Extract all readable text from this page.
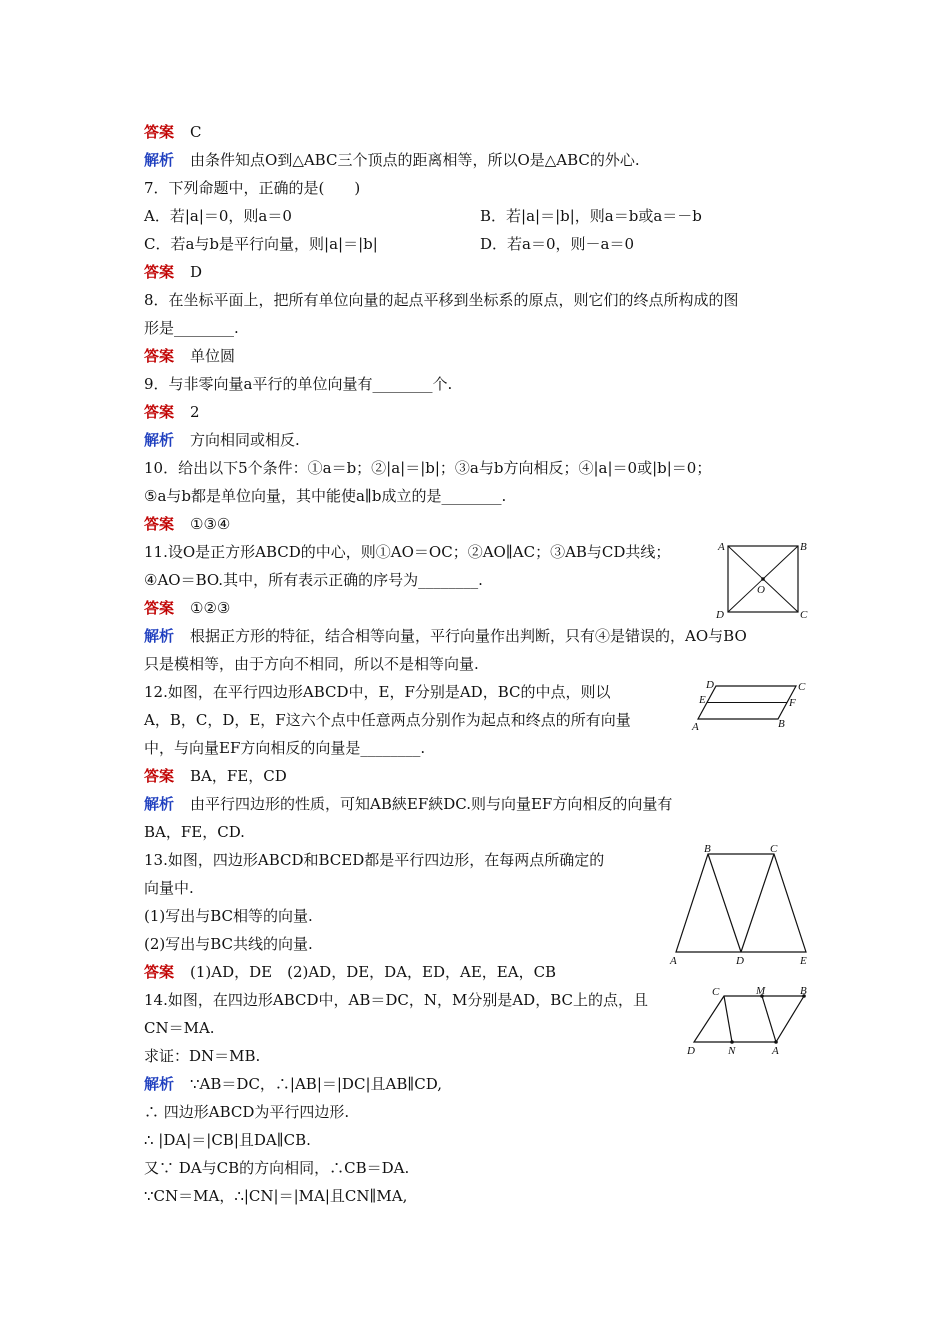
答案 C
解析 由条件知点O到△ABC三个顶点的距离相等，所以O是△ABC的外心.
7．下列命题中，正确的是(　　)
A．若|a|＝0，则a＝0	B．若|a|＝|b|，则a＝b或a＝－b
C．若a与b是平行向量，则|a|＝|b|	D．若a＝0，则－a＝0
答案 D
8．在坐标平面上，把所有单位向量的起点平移到坐标系的原点，则它们的终点所构成的图
形是________.
答案 单位圆
9．与非零向量a平行的单位向量有________个.
答案 2
解析 方向相同或相反.
10．给出以下5个条件：①a＝b；②|a|＝|b|；③a与b方向相反；④|a|＝0或|b|＝0；
⑤a与b都是单位向量，其中能使a∥b成立的是________.
答案 ①③④
11.设O是正方形ABCD的中心，则①AO＝OC；②AO∥AC；③AB与CD共线；
④AO＝BO.其中，所有表示正确的序号为________.
答案 ①②③
解析 根据正方形的特征，结合相等向量，平行向量作出判断，只有④是错误的，AO与BO
只是模相等，由于方向不相同，所以不是相等向量.
12.如图，在平行四边形ABCD中，E，F分别是AD，BC的中点，则以
A，B，C，D，E，F这六个点中任意两点分别作为起点和终点的所有向量
中，与向量EF方向相反的向量是________.
答案 BA，FE，CD
解析 由平行四边形的性质，可知AB綊EF綊DC.则与向量EF方向相反的向量有
BA，FE，CD.
13.如图，四边形ABCD和BCED都是平行四边形，在每两点所确定的
向量中.
(1)写出与BC相等的向量.
(2)写出与BC共线的向量.
答案 (1)AD，DE　(2)AD，DE，DA，ED，AE，EA，CB
14.如图，在四边形ABCD中，AB＝DC，N，M分别是AD，BC上的点，且
CN＝MA.
求证：DN＝MB.
解析 ∵AB＝DC，∴|AB|＝|DC|且AB∥CD,
∴ 四边形ABCD为平行四边形.
∴ |DA|＝|CB|且DA∥CB.
又∵ DA与CB的方向相同，∴CB＝DA.
∵CN＝MA，∴|CN|＝|MA|且CN∥MA,
A	B
C
D
O
D	C
E	F
A	B
B	C
A	D	E
C	M	B
D	N	A
